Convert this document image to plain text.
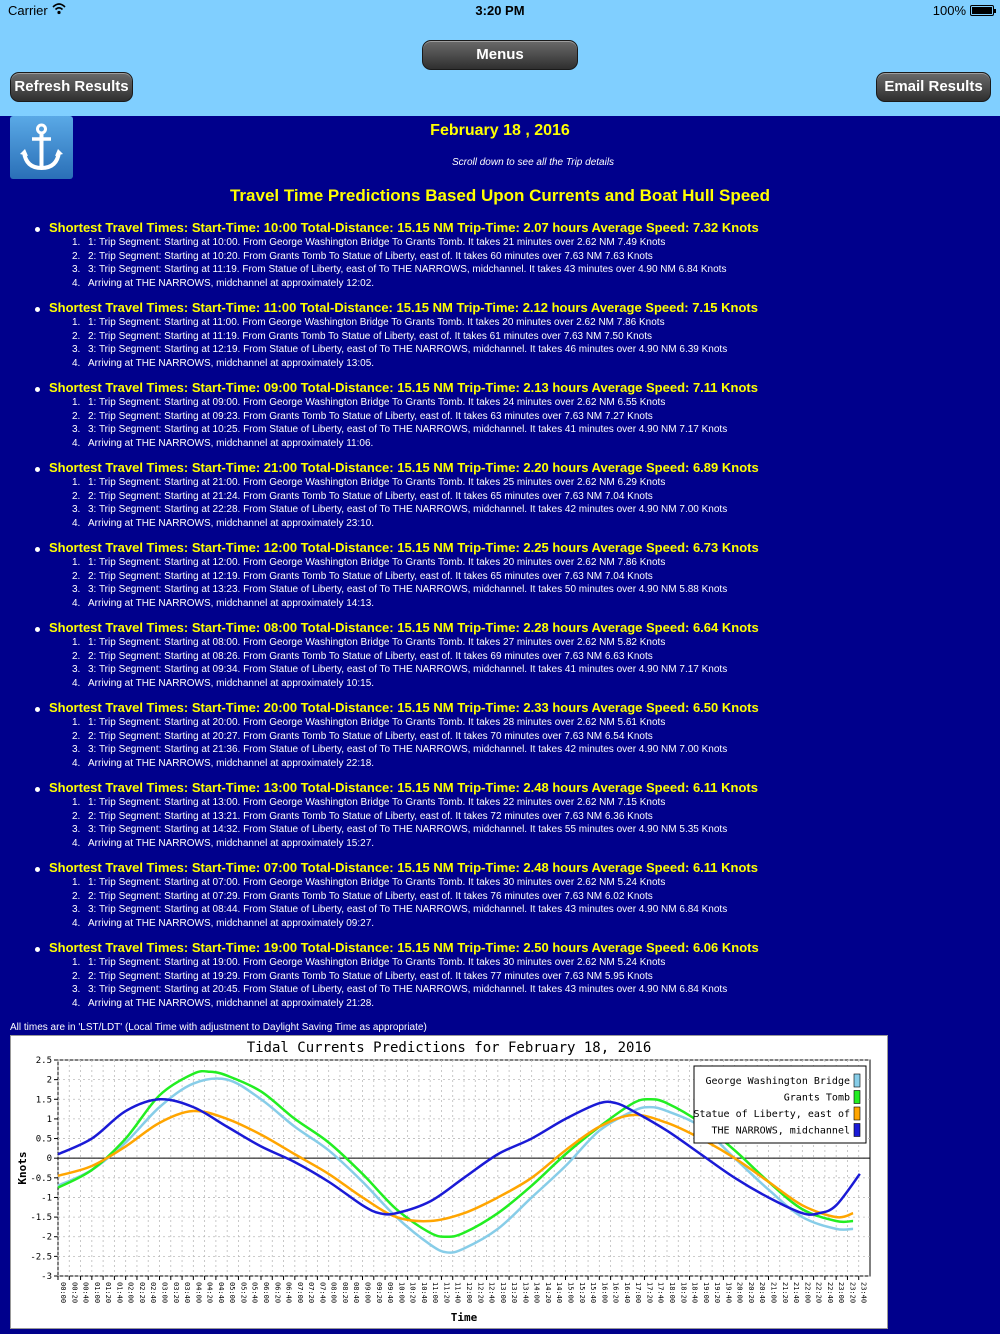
Carrier	3:20 PM	100%
Menus
Refresh Results	Email Results
February 18 , 2016
Scroll down to see all the Trip details
Travel Time Predictions Based Upon Currents and Boat Hull Speed
Shortest Travel Times: Start-Time: 10:00 Total-Distance: 15.15 NM Trip-Time: 2.07 hours Average Speed: 7.32 Knots
1. 1: Trip Segment: Starting at 10:00. From George Washington Bridge To Grants Tomb. It takes 21 minutes over 2.62 NM 7.49 Knots
2. 2: Trip Segment: Starting at 10:20. From Grants Tomb To Statue of Liberty, east of. It takes 60 minutes over 7.63 NM 7.63 Knots
3. 3: Trip Segment: Starting at 11:19. From Statue of Liberty, east of To THE NARROWS, midchannel. It takes 43 minutes over 4.90 NM 6.84 Knots
4. Arriving at THE NARROWS, midchannel at approximately 12:02.
Shortest Travel Times: Start-Time: 11:00 Total-Distance: 15.15 NM Trip-Time: 2.12 hours Average Speed: 7.15 Knots
1. 1: Trip Segment: Starting at 11:00. From George Washington Bridge To Grants Tomb. It takes 20 minutes over 2.62 NM 7.86 Knots
2. 2: Trip Segment: Starting at 11:19. From Grants Tomb To Statue of Liberty, east of. It takes 61 minutes over 7.63 NM 7.50 Knots
3. 3: Trip Segment: Starting at 12:19. From Statue of Liberty, east of To THE NARROWS, midchannel. It takes 46 minutes over 4.90 NM 6.39 Knots
4. Arriving at THE NARROWS, midchannel at approximately 13:05.
Shortest Travel Times: Start-Time: 09:00 Total-Distance: 15.15 NM Trip-Time: 2.13 hours Average Speed: 7.11 Knots
1. 1: Trip Segment: Starting at 09:00. From George Washington Bridge To Grants Tomb. It takes 24 minutes over 2.62 NM 6.55 Knots
2. 2: Trip Segment: Starting at 09:23. From Grants Tomb To Statue of Liberty, east of. It takes 63 minutes over 7.63 NM 7.27 Knots
3. 3: Trip Segment: Starting at 10:25. From Statue of Liberty, east of To THE NARROWS, midchannel. It takes 41 minutes over 4.90 NM 7.17 Knots
4. Arriving at THE NARROWS, midchannel at approximately 11:06.
Shortest Travel Times: Start-Time: 21:00 Total-Distance: 15.15 NM Trip-Time: 2.20 hours Average Speed: 6.89 Knots
1. 1: Trip Segment: Starting at 21:00. From George Washington Bridge To Grants Tomb. It takes 25 minutes over 2.62 NM 6.29 Knots
2. 2: Trip Segment: Starting at 21:24. From Grants Tomb To Statue of Liberty, east of. It takes 65 minutes over 7.63 NM 7.04 Knots
3. 3: Trip Segment: Starting at 22:28. From Statue of Liberty, east of To THE NARROWS, midchannel. It takes 42 minutes over 4.90 NM 7.00 Knots
4. Arriving at THE NARROWS, midchannel at approximately 23:10.
Shortest Travel Times: Start-Time: 12:00 Total-Distance: 15.15 NM Trip-Time: 2.25 hours Average Speed: 6.73 Knots
1. 1: Trip Segment: Starting at 12:00. From George Washington Bridge To Grants Tomb. It takes 20 minutes over 2.62 NM 7.86 Knots
2. 2: Trip Segment: Starting at 12:19. From Grants Tomb To Statue of Liberty, east of. It takes 65 minutes over 7.63 NM 7.04 Knots
3. 3: Trip Segment: Starting at 13:23. From Statue of Liberty, east of To THE NARROWS, midchannel. It takes 50 minutes over 4.90 NM 5.88 Knots
4. Arriving at THE NARROWS, midchannel at approximately 14:13.
Shortest Travel Times: Start-Time: 08:00 Total-Distance: 15.15 NM Trip-Time: 2.28 hours Average Speed: 6.64 Knots
1. 1: Trip Segment: Starting at 08:00. From George Washington Bridge To Grants Tomb. It takes 27 minutes over 2.62 NM 5.82 Knots
2. 2: Trip Segment: Starting at 08:26. From Grants Tomb To Statue of Liberty, east of. It takes 69 minutes over 7.63 NM 6.63 Knots
3. 3: Trip Segment: Starting at 09:34. From Statue of Liberty, east of To THE NARROWS, midchannel. It takes 41 minutes over 4.90 NM 7.17 Knots
4. Arriving at THE NARROWS, midchannel at approximately 10:15.
Shortest Travel Times: Start-Time: 20:00 Total-Distance: 15.15 NM Trip-Time: 2.33 hours Average Speed: 6.50 Knots
1. 1: Trip Segment: Starting at 20:00. From George Washington Bridge To Grants Tomb. It takes 28 minutes over 2.62 NM 5.61 Knots
2. 2: Trip Segment: Starting at 20:27. From Grants Tomb To Statue of Liberty, east of. It takes 70 minutes over 7.63 NM 6.54 Knots
3. 3: Trip Segment: Starting at 21:36. From Statue of Liberty, east of To THE NARROWS, midchannel. It takes 42 minutes over 4.90 NM 7.00 Knots
4. Arriving at THE NARROWS, midchannel at approximately 22:18.
Shortest Travel Times: Start-Time: 13:00 Total-Distance: 15.15 NM Trip-Time: 2.48 hours Average Speed: 6.11 Knots
1. 1: Trip Segment: Starting at 13:00. From George Washington Bridge To Grants Tomb. It takes 22 minutes over 2.62 NM 7.15 Knots
2. 2: Trip Segment: Starting at 13:21. From Grants Tomb To Statue of Liberty, east of. It takes 72 minutes over 7.63 NM 6.36 Knots
3. 3: Trip Segment: Starting at 14:32. From Statue of Liberty, east of To THE NARROWS, midchannel. It takes 55 minutes over 4.90 NM 5.35 Knots
4. Arriving at THE NARROWS, midchannel at approximately 15:27.
Shortest Travel Times: Start-Time: 07:00 Total-Distance: 15.15 NM Trip-Time: 2.48 hours Average Speed: 6.11 Knots
1. 1: Trip Segment: Starting at 07:00. From George Washington Bridge To Grants Tomb. It takes 30 minutes over 2.62 NM 5.24 Knots
2. 2: Trip Segment: Starting at 07:29. From Grants Tomb To Statue of Liberty, east of. It takes 76 minutes over 7.63 NM 6.02 Knots
3. 3: Trip Segment: Starting at 08:44. From Statue of Liberty, east of To THE NARROWS, midchannel. It takes 43 minutes over 4.90 NM 6.84 Knots
4. Arriving at THE NARROWS, midchannel at approximately 09:27.
Shortest Travel Times: Start-Time: 19:00 Total-Distance: 15.15 NM Trip-Time: 2.50 hours Average Speed: 6.06 Knots
1. 1: Trip Segment: Starting at 19:00. From George Washington Bridge To Grants Tomb. It takes 30 minutes over 2.62 NM 5.24 Knots
2. 2: Trip Segment: Starting at 19:29. From Grants Tomb To Statue of Liberty, east of. It takes 77 minutes over 7.63 NM 5.95 Knots
3. 3: Trip Segment: Starting at 20:45. From Statue of Liberty, east of To THE NARROWS, midchannel. It takes 43 minutes over 4.90 NM 6.84 Knots
4. Arriving at THE NARROWS, midchannel at approximately 21:28.
All times are in 'LST/LDT' (Local Time with adjustment to Daylight Saving Time as appropriate)
Tidal Currents Predictions for February 18, 2016
2.5
2
1.5
1
0.5
0
-0.5
-1
-1.5
-2
-2.5
-3
00:00 00:20 00:40 01:00 01:20 01:40 02:00 02:20 02:40 03:00 03:20 03:40 04:00 04:20 04:40 05:00 05:20 05:40 06:00 06:20 06:40 07:00 07:20 07:40 08:00 08:20 08:40 09:00 09:20 09:40 10:00 10:20 10:40 11:00 11:20 11:40 12:00 12:20 12:40 13:00 13:20 13:40 14:00 14:20 14:40 15:00 15:20 15:40 16:00 16:20 16:40 17:00 17:20 17:40 18:00 18:20 18:40 19:00 19:20 19:40 20:00 20:20 20:40 21:00 21:20 21:40 22:00 22:20 22:40 23:00 23:20 23:40
Time
Knots
George Washington Bridge
Grants Tomb
Statue of Liberty, east of
THE NARROWS, midchannel
